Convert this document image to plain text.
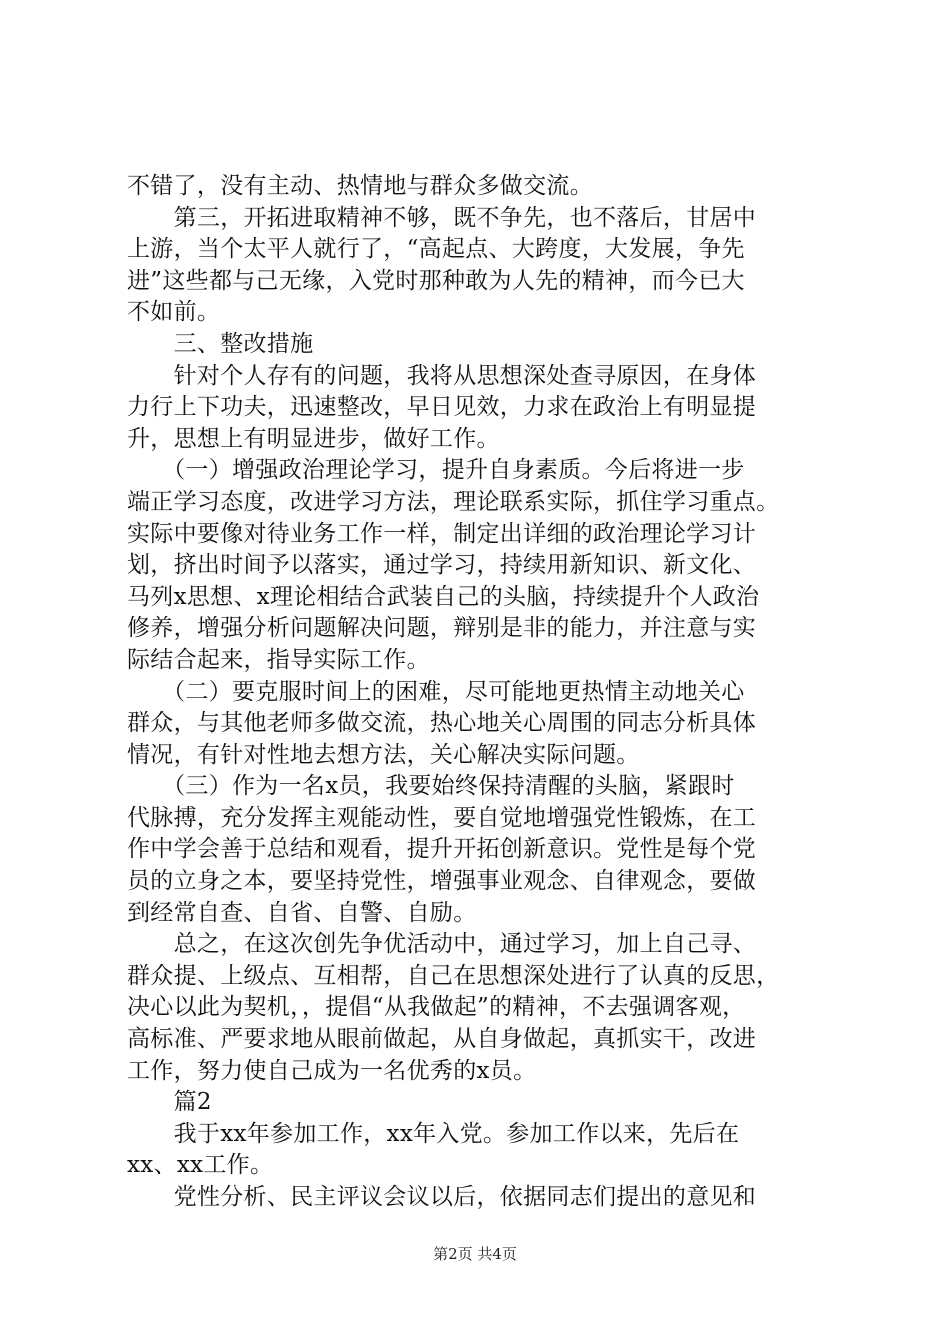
不错了，没有主动、热情地与群众多做交流。
　　第三，开拓进取精神不够，既不争先，也不落后，甘居中
上游，当个太平人就行了，“高起点、大跨度，大发展，争先
进”这些都与己无缘，入党时那种敢为人先的精神，而今已大
不如前。
　　三、整改措施
　　针对个人存有的问题，我将从思想深处查寻原因，在身体
力行上下功夫，迅速整改，早日见效，力求在政治上有明显提
升，思想上有明显进步，做好工作。
　　（一）增强政治理论学习，提升自身素质。今后将进一步
端正学习态度，改进学习方法，理论联系实际，抓住学习重点。
实际中要像对待业务工作一样，制定出详细的政治理论学习计
划，挤出时间予以落实，通过学习，持续用新知识、新文化、
马列x思想、x理论相结合武装自己的头脑，持续提升个人政治
修养，增强分析问题解决问题，辩别是非的能力，并注意与实
际结合起来，指导实际工作。
　　（二）要克服时间上的困难，尽可能地更热情主动地关心
群众，与其他老师多做交流，热心地关心周围的同志分析具体
情况，有针对性地去想方法，关心解决实际问题。
　　（三）作为一名x员，我要始终保持清醒的头脑，紧跟时
代脉搏，充分发挥主观能动性，要自觉地增强党性锻炼，在工
作中学会善于总结和观看，提升开拓创新意识。党性是每个党
员的立身之本，要坚持党性，增强事业观念、自律观念，要做
到经常自查、自省、自警、自励。
　　总之，在这次创先争优活动中，通过学习，加上自己寻、
群众提、上级点、互相帮，自己在思想深处进行了认真的反思，
决心以此为契机，，提倡“从我做起”的精神，不去强调客观，
高标准、严要求地从眼前做起，从自身做起，真抓实干，改进
工作，努力使自己成为一名优秀的x员。
　　篇2
　　我于xx年参加工作，xx年入党。参加工作以来，先后在
xx、xx工作。
　　党性分析、民主评议会议以后，依据同志们提出的意见和
第2页 共4页
